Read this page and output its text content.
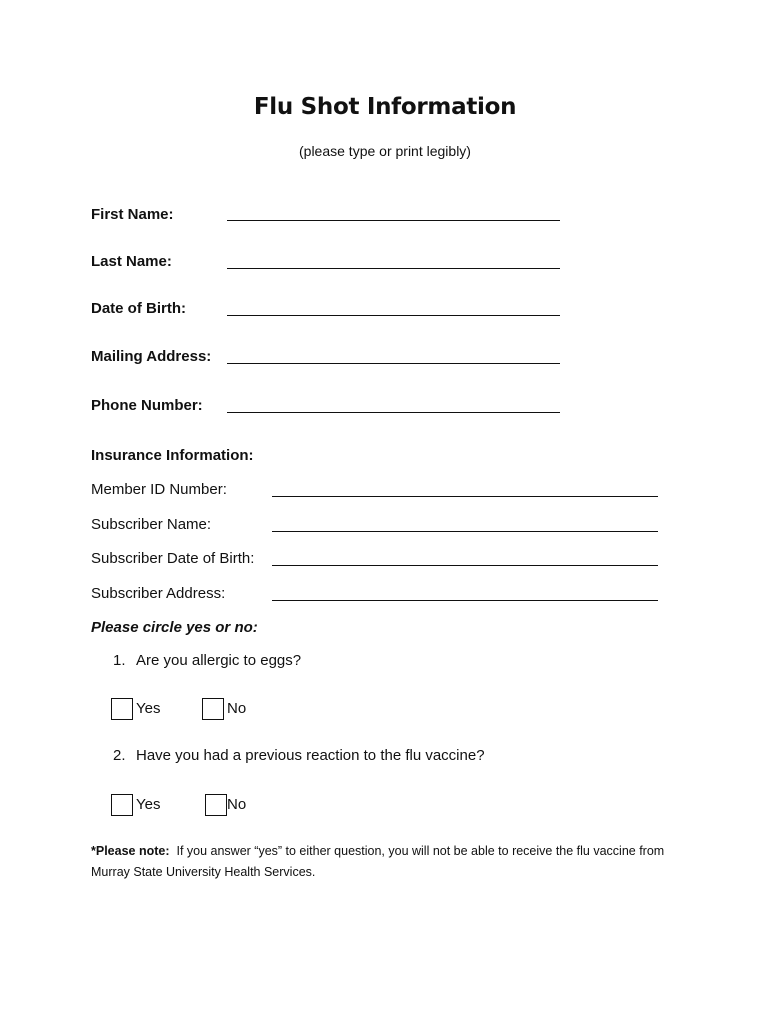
Flu Shot Information
(please type or print legibly)
First Name:
Last Name:
Date of Birth:
Mailing Address:
Phone Number:
Insurance Information:
Member ID Number:
Subscriber Name:
Subscriber Date of Birth:
Subscriber Address:
Please circle yes or no:
1. Are you allergic to eggs?
Yes	No
2. Have you had a previous reaction to the flu vaccine?
Yes	No
*Please note: If you answer “yes” to either question, you will not be able to receive the flu vaccine from Murray State University Health Services.
